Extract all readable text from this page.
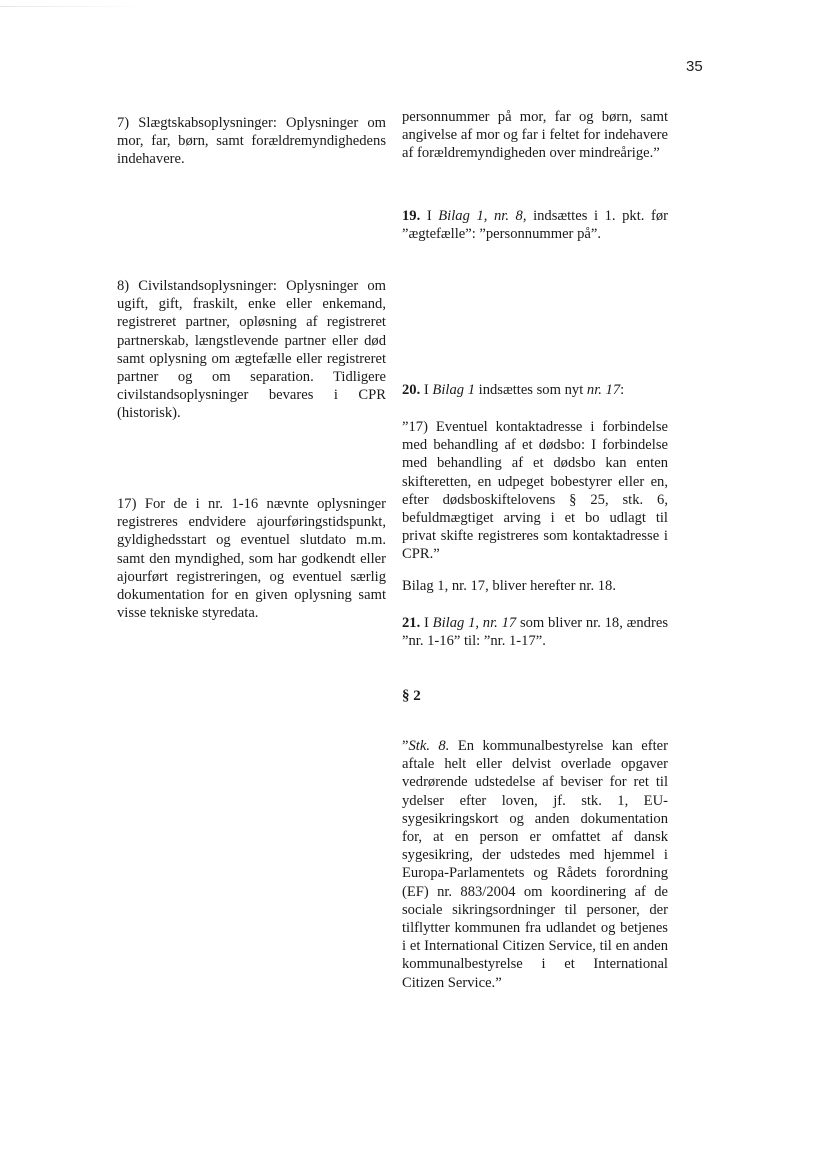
35

7) Slægtskabsoplysninger: Oplysninger om mor, far, børn, samt forældremyndighedens indehavere.

8) Civilstandsoplysninger: Oplysninger om ugift, gift, fraskilt, enke eller enkemand, registreret partner, opløsning af registreret partnerskab, længstlevende partner eller død samt oplysning om ægtefælle eller registreret partner og om separation. Tidligere civilstandsoplysninger bevares i CPR (historisk).

17) For de i nr. 1-16 nævnte oplysninger registreres endvidere ajourføringstidspunkt, gyldighedsstart og eventuel slutdato m.m. samt den myndighed, som har godkendt eller ajourført registreringen, og eventuel særlig dokumentation for en given oplysning samt visse tekniske styredata.

personnummer på mor, far og børn, samt angivelse af mor og far i feltet for indehavere af forældremyndigheden over mindreårige.”

19. I Bilag 1, nr. 8, indsættes i 1. pkt. før ”ægtefælle”: ”personnummer på”.

20. I Bilag 1 indsættes som nyt nr. 17:

”17) Eventuel kontaktadresse i forbindelse med behandling af et dødsbo: I forbindelse med behandling af et dødsbo kan enten skifteretten, en udpeget bobestyrer eller en, efter dødsboskiftelovens § 25, stk. 6, befuldmægtiget arving i et bo udlagt til privat skifte registreres som kontaktadresse i CPR.”

Bilag 1, nr. 17, bliver herefter nr. 18.

21. I Bilag 1, nr. 17 som bliver nr. 18, ændres ”nr. 1-16” til: ”nr. 1-17”.

§ 2

”Stk. 8. En kommunalbestyrelse kan efter aftale helt eller delvist overlade opgaver vedrørende udstedelse af beviser for ret til ydelser efter loven, jf. stk. 1, EU-sygesikringskort og anden dokumentation for, at en person er omfattet af dansk sygesikring, der udstedes med hjemmel i Europa-Parlamentets og Rådets forordning (EF) nr. 883/2004 om koordinering af de sociale sikringsordninger til personer, der tilflytter kommunen fra udlandet og betjenes i et International Citizen Service, til en anden kommunalbestyrelse i et International Citizen Service.”
